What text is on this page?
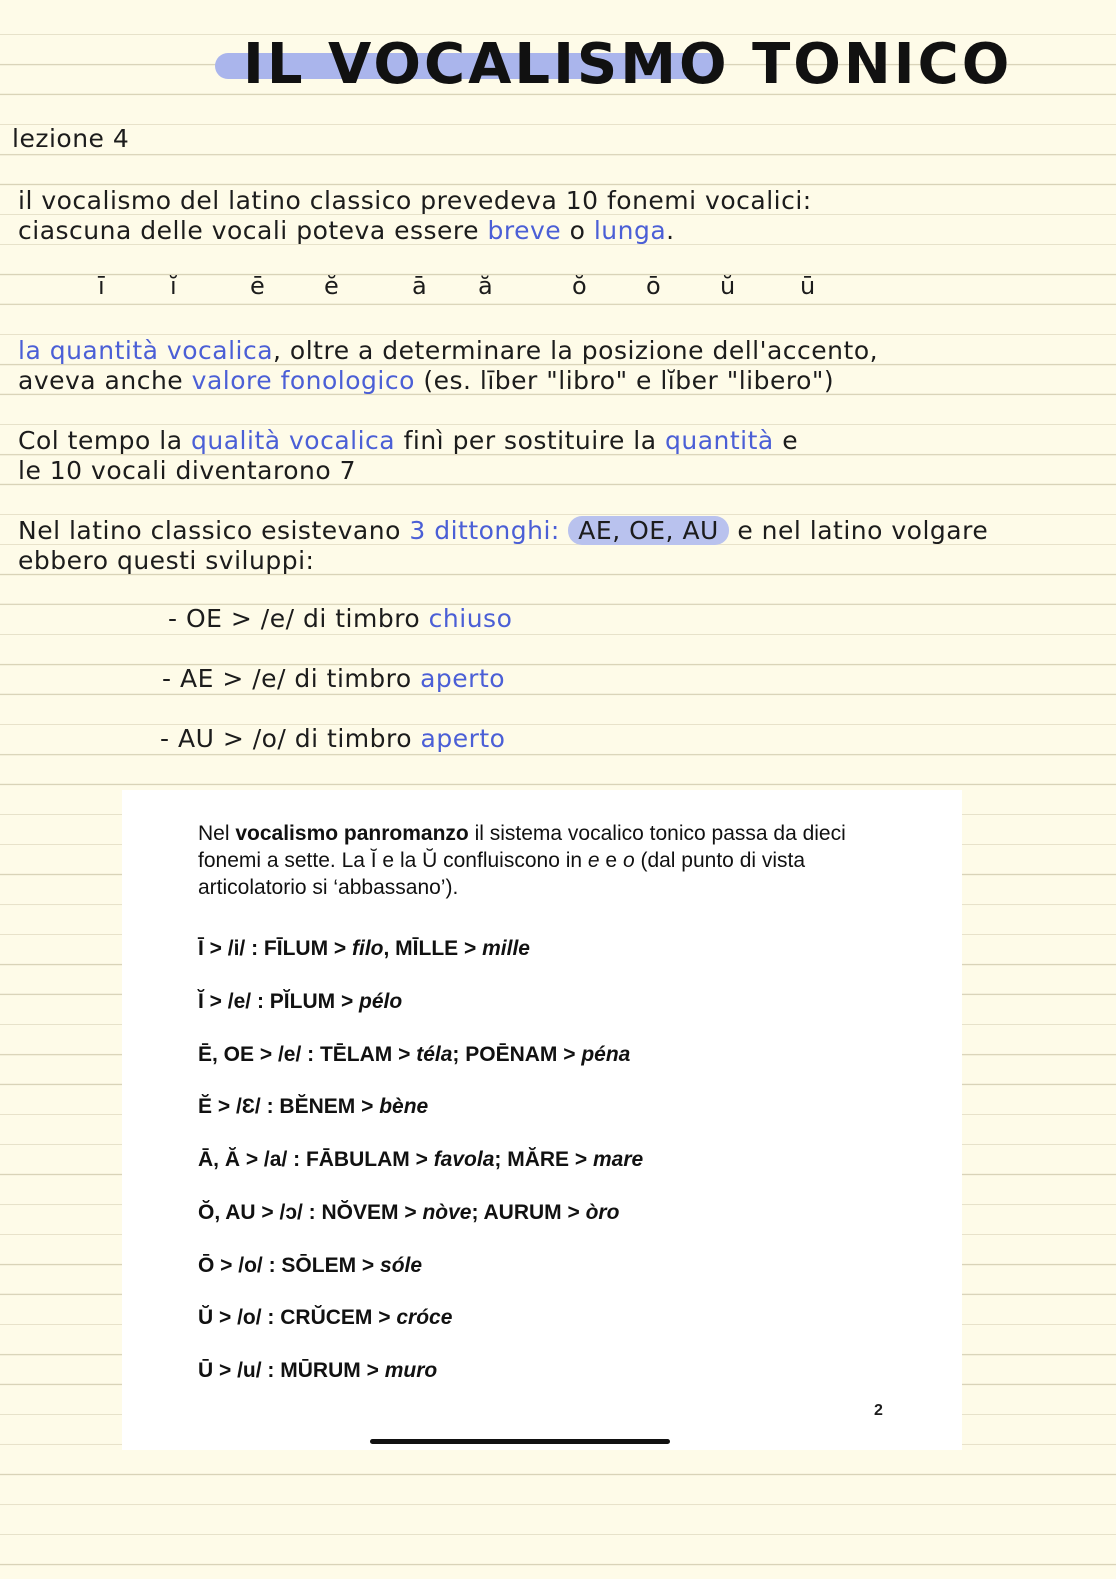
IL VOCALISMO TONICO
lezione 4
il vocalismo del latino classico prevedeva 10 fonemi vocalici:
ciascuna delle vocali poteva essere breve o lunga.
ī	ĭ	ē ĕ	ā ă	ŏ ō ŭ	ū
la quantità vocalica, oltre a determinare la posizione dell'accento,
aveva anche valore fonologico (es. līber "libro" e lĭber "libero")
Col tempo la qualità vocalica finì per sostituire la quantità e
le 10 vocali diventarono 7
Nel latino classico esistevano 3 dittonghi: AE, OE, AU e nel latino volgare
ebbero questi sviluppi:
- OE > /e/ di timbro chiuso
- AE > /e/ di timbro aperto
- AU > /o/ di timbro aperto
Nel vocalismo panromanzo il sistema vocalico tonico passa da dieci fonemi a sette. La Ĭ e la Ŭ confluiscono in e e o (dal punto di vista articolatorio si ‘abbassano’).
Ī > /i/ : FĪLUM > filo, MĪLLE > mille
Ĭ > /e/ : PĬLUM > pélo
Ē, OE > /e/ : TĒLAM > téla; POĒNAM > péna
Ĕ > /Ɛ/ : BĔNEM > bène
Ā, Ă > /a/ : FĀBULAM > favola; MĂRE > mare
Ŏ, AU > /ɔ/ : NŎVEM > nòve; AURUM > òro
Ō > /o/ : SŌLEM > sóle
Ŭ > /o/ : CRŬCEM > cróce
Ū > /u/ : MŪRUM > muro
2
